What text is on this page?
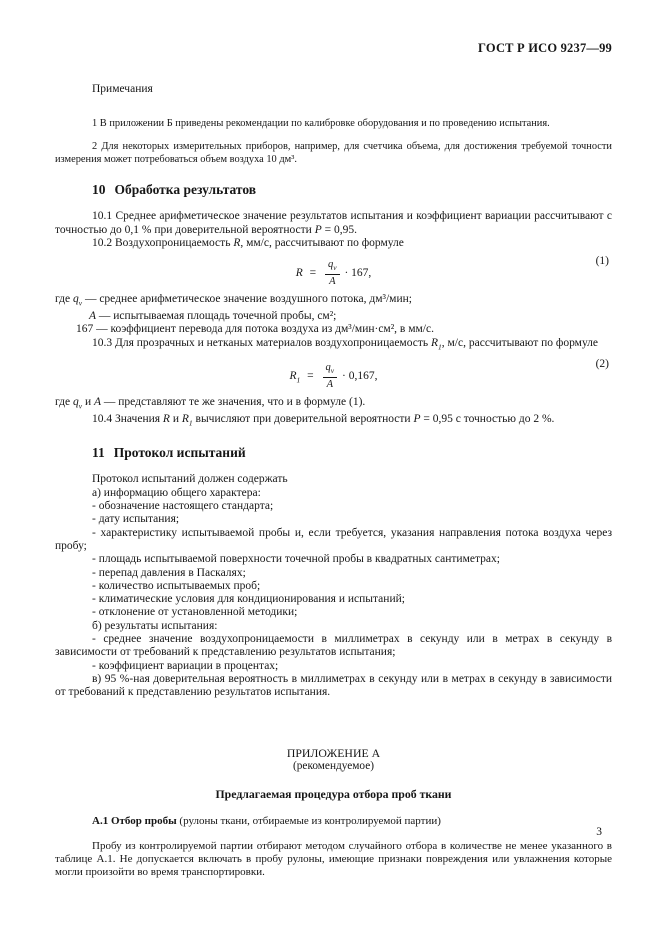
ГОСТ Р ИСО 9237—99
Примечания

1 В приложении Б приведены рекомендации по калибровке оборудования и по проведению испытания.

2 Для некоторых измерительных приборов, например, для счетчика объема, для достижения требуемой точности измерения может потребоваться объем воздуха 10 дм³.

10 Обработка результатов

10.1 Среднее арифметическое значение результатов испытания и коэффициент вариации рассчитывают с точностью до 0,1 % при доверительной вероятности P = 0,95.

10.2 Воздухопроницаемость R, мм/с, рассчитывают по формуле

$R = \frac{q_v}{A} \cdot 167$,
(1)

где $q_v$ — среднее арифметическое значение воздушного потока, дм³/мин;

A — испытываемая площадь точечной пробы, см²;

167 — коэффициент перевода для потока воздуха из дм³/мин·см², в мм/с.

10.3 Для прозрачных и нетканых материалов воздухопроницаемость $R_1$, м/с, рассчитывают по формуле

$R_1 = \frac{q_v}{A} \cdot 0,167$,
(2)

где $q_v$ и A — представляют те же значения, что и в формуле (1).

10.4 Значения R и $R_1$ вычисляют при доверительной вероятности P = 0,95 с точностью до 2 %.

11 Протокол испытаний

Протокол испытаний должен содержать

а) информацию общего характера:

- обозначение настоящего стандарта;

- дату испытания;

- характеристику испытываемой пробы и, если требуется, указания направления потока воздуха через пробу;

- площадь испытываемой поверхности точечной пробы в квадратных сантиметрах;

- перепад давления в Паскалях;

- количество испытываемых проб;

- климатические условия для кондиционирования и испытаний;

- отклонение от установленной методики;

б) результаты испытания:

- среднее значение воздухопроницаемости в миллиметрах в секунду или в метрах в секунду в зависимости от требований к представлению результатов испытания;

- коэффициент вариации в процентах;

в) 95 %-ная доверительная вероятность в миллиметрах в секунду или в метрах в секунду в зависимости от требований к представлению результатов испытания.

ПРИЛОЖЕНИЕ А
(рекомендуемое)
Предлагаемая процедура отбора проб ткани

А.1 Отбор пробы (рулоны ткани, отбираемые из контролируемой партии)

Пробу из контролируемой партии отбирают методом случайного отбора в количестве не менее указанного в таблице А.1. Не допускается включать в пробу рулоны, имеющие признаки повреждения или увлажнения которые могли произойти во время транспортировки.

3
